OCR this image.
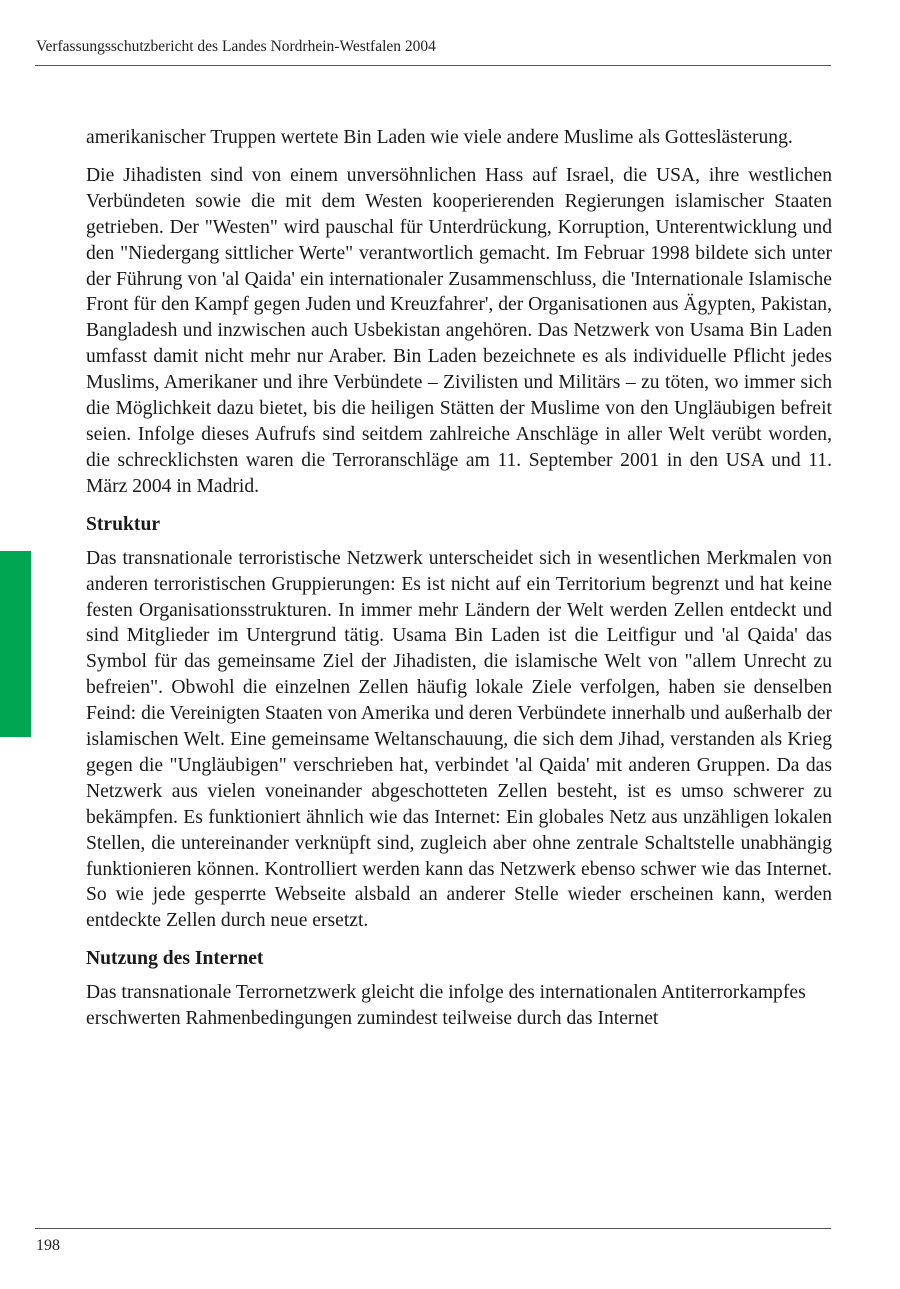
Verfassungsschutzbericht des Landes Nordrhein-Westfalen 2004

amerikanischer Truppen wertete Bin Laden wie viele andere Muslime als Gotteslästerung.

Die Jihadisten sind von einem unversöhnlichen Hass auf Israel, die USA, ihre westlichen Verbündeten sowie die mit dem Westen kooperierenden Regierungen islamischer Staaten getrieben. Der "Westen" wird pauschal für Unterdrückung, Korruption, Unterentwicklung und den "Niedergang sittlicher Werte" verantwortlich gemacht. Im Februar 1998 bildete sich unter der Führung von 'al Qaida' ein internationaler Zusammenschluss, die 'Internationale Islamische Front für den Kampf gegen Juden und Kreuzfahrer', der Organisationen aus Ägypten, Pakistan, Bangladesh und inzwischen auch Usbekistan angehören. Das Netzwerk von Usama Bin Laden umfasst damit nicht mehr nur Araber. Bin Laden bezeichnete es als individuelle Pflicht jedes Muslims, Amerikaner und ihre Verbündete – Zivilisten und Militärs – zu töten, wo immer sich die Möglichkeit dazu bietet, bis die heiligen Stätten der Muslime von den Ungläubigen befreit seien. Infolge dieses Aufrufs sind seitdem zahlreiche Anschläge in aller Welt verübt worden, die schrecklichsten waren die Terroranschläge am 11. September 2001 in den USA und 11. März 2004 in Madrid.

Struktur

Das transnationale terroristische Netzwerk unterscheidet sich in wesentlichen Merkmalen von anderen terroristischen Gruppierungen: Es ist nicht auf ein Territorium begrenzt und hat keine festen Organisationsstrukturen. In immer mehr Ländern der Welt werden Zellen entdeckt und sind Mitglieder im Untergrund tätig. Usama Bin Laden ist die Leitfigur und 'al Qaida' das Symbol für das gemeinsame Ziel der Jihadisten, die islamische Welt von "allem Unrecht zu befreien". Obwohl die einzelnen Zellen häufig lokale Ziele verfolgen, haben sie denselben Feind: die Vereinigten Staaten von Amerika und deren Verbündete innerhalb und außerhalb der islamischen Welt. Eine gemeinsame Weltanschauung, die sich dem Jihad, verstanden als Krieg gegen die "Ungläubigen" verschrieben hat, verbindet 'al Qaida' mit anderen Gruppen. Da das Netzwerk aus vielen voneinander abgeschotteten Zellen besteht, ist es umso schwerer zu bekämpfen. Es funktioniert ähnlich wie das Internet: Ein globales Netz aus unzähligen lokalen Stellen, die untereinander verknüpft sind, zugleich aber ohne zentrale Schaltstelle unabhängig funktionieren können. Kontrolliert werden kann das Netzwerk ebenso schwer wie das Internet. So wie jede gesperrte Webseite alsbald an anderer Stelle wieder erscheinen kann, werden entdeckte Zellen durch neue ersetzt.

Nutzung des Internet

Das transnationale Terrornetzwerk gleicht die infolge des internationalen Antiterrorkampfes erschwerten Rahmenbedingungen zumindest teilweise durch das Internet

198
